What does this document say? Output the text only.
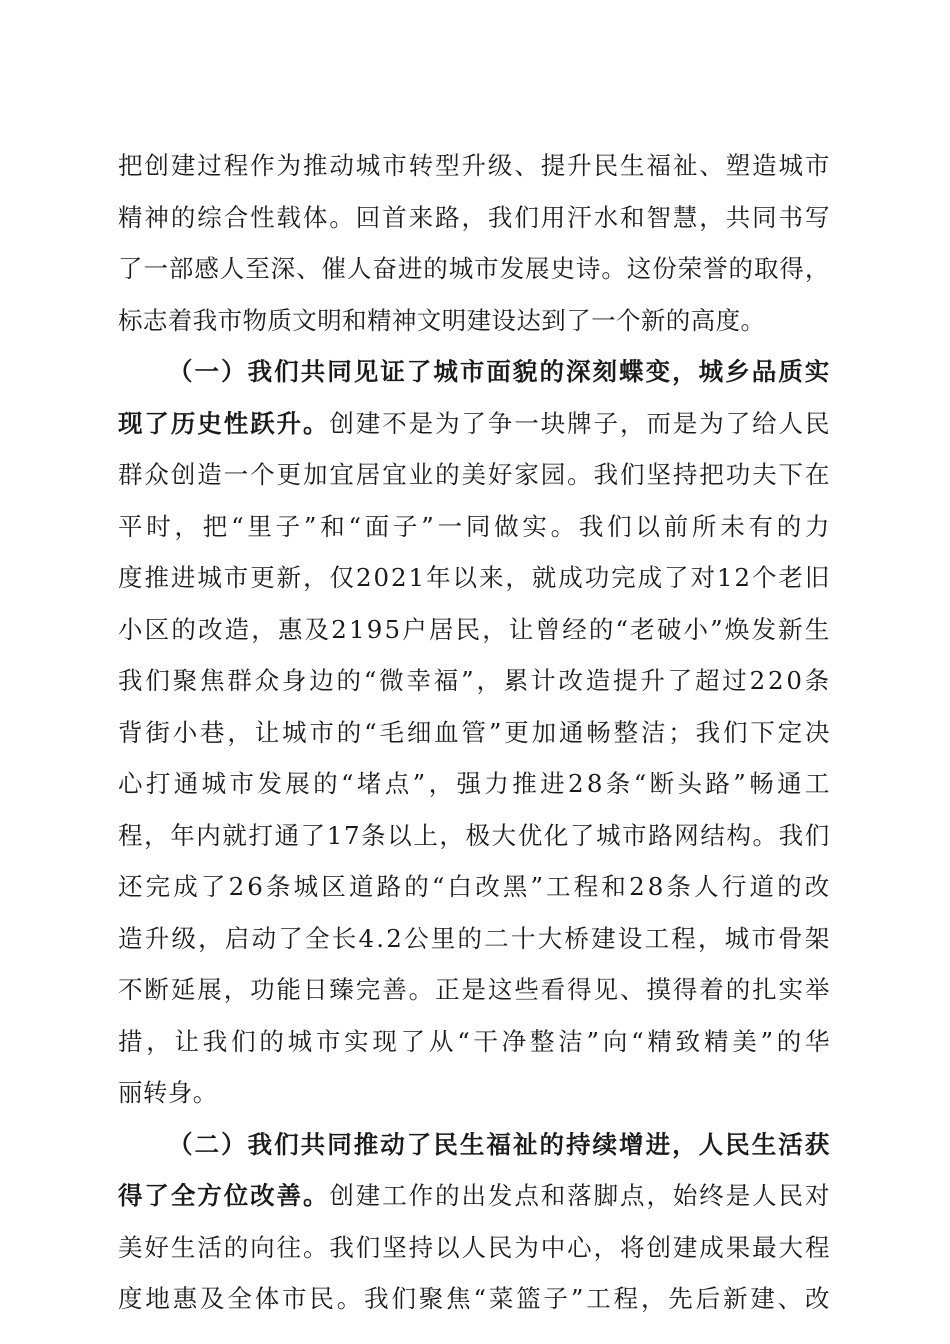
把 创 建 过 程 作 为 推 动 城 市 转 型 升 级 、 提 升 民 生 福 祉 、 塑 造 城 市
精 神 的 综 合 性 载 体 。 回 首 来 路 ， 我 们 用 汗 水 和 智 慧 ， 共 同 书 写
了 一 部 感 人 至 深 、 催 人 奋 进 的 城 市 发 展 史 诗 。 这 份 荣 誉 的 取 得 ，
标志着我市物质文明和精神文明建设达到了一个新的高度。
（ 一 ） 我 们 共 同 见 证 了 城 市 面 貌 的 深 刻 蝶 变 ， 城 乡 品 质 实
现 了 历 史 性 跃 升 。 创 建 不 是 为 了 争 一 块 牌 子 ， 而 是 为 了 给 人 民
群 众 创 造 一 个 更 加 宜 居 宜 业 的 美 好 家 园 。 我 们 坚 持 把 功 夫 下 在
平 时 ， 把 “ 里 子 ” 和 “ 面 子 ” 一 同 做 实 。 我 们 以 前 所 未 有 的 力
度 推 进 城 市 更 新 ， 仅 2 0 2 1 年 以 来 ， 就 成 功 完 成 了 对 1 2 个 老 旧
小 区 的 改 造 ， 惠 及 2 1 9 5 户 居 民 ， 让 曾 经 的 “ 老 破 小 ” 焕 发 新 生
我 们 聚 焦 群 众 身 边 的 “ 微 幸 福 ” ， 累 计 改 造 提 升 了 超 过 2 2 0 条
背 街 小 巷 ， 让 城 市 的 “ 毛 细 血 管 ” 更 加 通 畅 整 洁 ； 我 们 下 定 决
心 打 通 城 市 发 展 的 “ 堵 点 ” ， 强 力 推 进 2 8 条 “ 断 头 路 ” 畅 通 工
程 ， 年 内 就 打 通 了 1 7 条 以 上 ， 极 大 优 化 了 城 市 路 网 结 构 。 我 们
还 完 成 了 2 6 条 城 区 道 路 的 “ 白 改 黑 ” 工 程 和 2 8 条 人 行 道 的 改
造 升 级 ， 启 动 了 全 长 4 . 2 公 里 的 二 十 大 桥 建 设 工 程 ， 城 市 骨 架
不 断 延 展 ， 功 能 日 臻 完 善 。 正 是 这 些 看 得 见 、 摸 得 着 的 扎 实 举
措 ， 让 我 们 的 城 市 实 现 了 从 “ 干 净 整 洁 ” 向 “ 精 致 精 美 ” 的 华
丽转身。
（ 二 ） 我 们 共 同 推 动 了 民 生 福 祉 的 持 续 增 进 ， 人 民 生 活 获
得 了 全 方 位 改 善 。 创 建 工 作 的 出 发 点 和 落 脚 点 ， 始 终 是 人 民 对
美 好 生 活 的 向 往 。 我 们 坚 持 以 人 民 为 中 心 ， 将 创 建 成 果 最 大 程
度 地 惠 及 全 体 市 民 。 我 们 聚 焦 “ 菜 篮 子 ” 工 程 ， 先 后 新 建 、 改
